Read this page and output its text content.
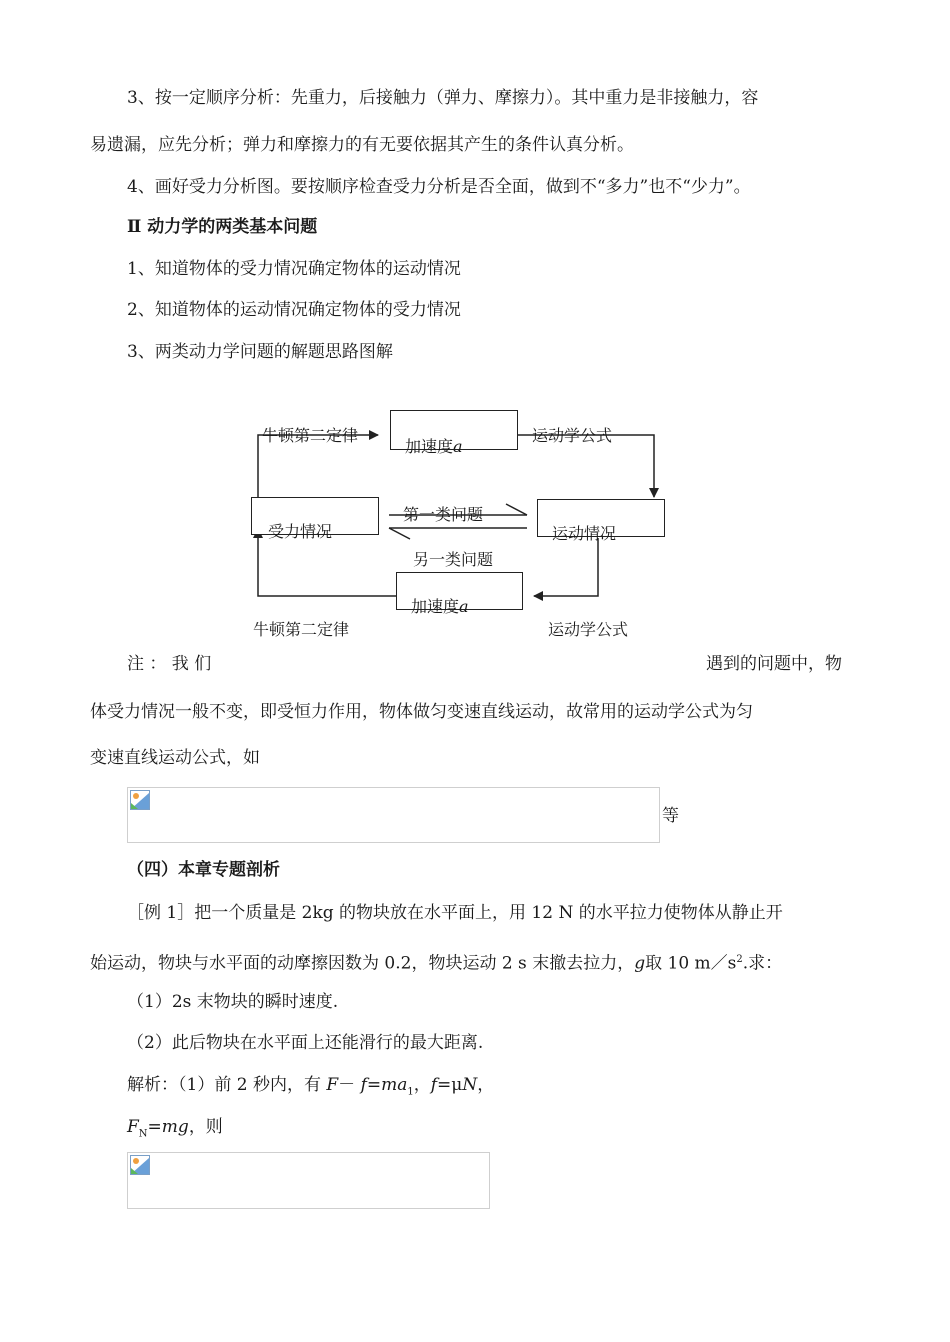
3、按一定顺序分析：先重力，后接触力（弹力、摩擦力）。其中重力是非接触力，容
易遗漏，应先分析；弹力和摩擦力的有无要依据其产生的条件认真分析。
4、画好受力分析图。要按顺序检查受力分析是否全面，做到不“多力”也不“少力”。
Ⅱ 动力学的两类基本问题
1、知道物体的受力情况确定物体的运动情况
2、知道物体的运动情况确定物体的受力情况
3、两类动力学问题的解题思路图解
牛顿第二定律
加速度a
运动学公式
受力情况	运动情况
第一类问题
另一类问题
加速度a
牛顿第二定律	运动学公式
注 ： 我 们	遇到的问题中，物
体受力情况一般不变，即受恒力作用，物体做匀变速直线运动，故常用的运动学公式为匀
变速直线运动公式，如
等
（四）本章专题剖析
［例 1］把一个质量是 2kg 的物块放在水平面上，用 12 N 的水平拉力使物体从静止开
始运动，物块与水平面的动摩擦因数为 0.2，物块运动 2 s 末撤去拉力，g取 10 $m/s^2$.求：
（1）2s 末物块的瞬时速度.
（2）此后物块在水平面上还能滑行的最大距离.
解析：（1）前 2 秒内，有 $F- f=ma_1$，f=μN，
$F_N=mg$，则
